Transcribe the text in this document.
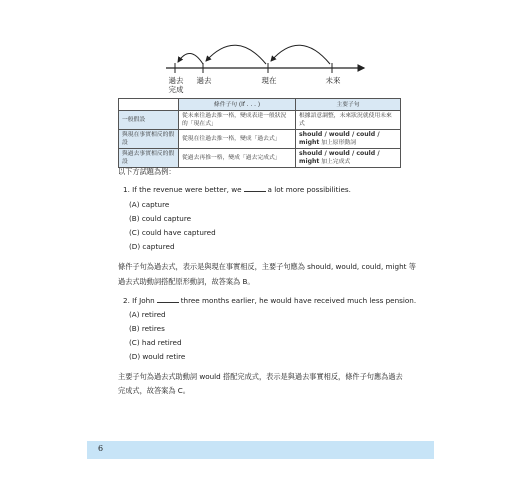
過去
完成
過去	現在	未來
	條件子句 (If . . . )	主要子句
一般假設	從未來往過去推一格，變成表達一般狀況的「現在式」	根據語意調整，未來狀況就使用未來式
與現在事實相反的假設	從現在往過去推一格，變成「過去式」	should / would / could / might 加上原形動詞
與過去事實相反的假設	從過去再推一格，變成「過去完成式」	should / would / could / might 加上完成式
以下方試題為例：
1. If the revenue were better, we	a lot more possibilities.
(A) capture
(B) could capture
(C) could have captured
(D) captured
條件子句為過去式，表示是與現在事實相反，主要子句應為 should, would, could, might 等
過去式助動詞搭配原形動詞，故答案為 B。
2. If John	three months earlier, he would have received much less pension.
(A) retired
(B) retires
(C) had retired
(D) would retire
主要子句為過去式助動詞 would 搭配完成式，表示是與過去事實相反，條件子句應為過去
完成式，故答案為 C。
6
